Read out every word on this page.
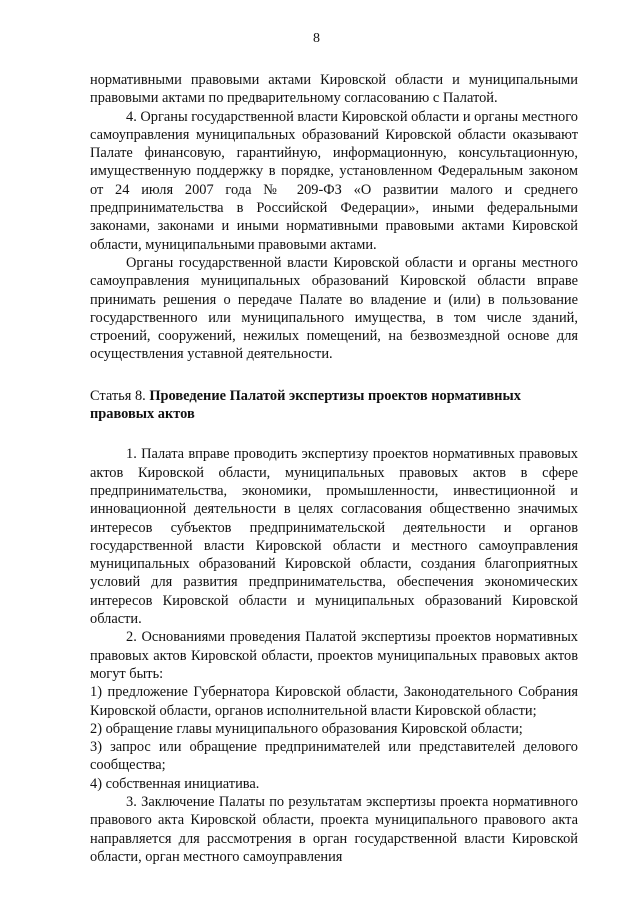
8

нормативными правовыми актами Кировской области и муниципальными правовыми актами по предварительному согласованию с Палатой.

4. Органы государственной власти Кировской области и органы местного самоуправления муниципальных образований Кировской области оказывают Палате финансовую, гарантийную, информационную, консультационную, имущественную поддержку в порядке, установленном Федеральным законом от 24 июля 2007 года № 209-ФЗ «О развитии малого и среднего предпринимательства в Российской Федерации», иными федеральными законами, законами и иными нормативными правовыми актами Кировской области, муниципальными правовыми актами.

Органы государственной власти Кировской области и органы местного самоуправления муниципальных образований Кировской области вправе принимать решения о передаче Палате во владение и (или) в пользование государственного или муниципального имущества, в том числе зданий, строений, сооружений, нежилых помещений, на безвозмездной основе для осуществления уставной деятельности.

Статья 8. Проведение Палатой экспертизы проектов нормативных правовых актов

1. Палата вправе проводить экспертизу проектов нормативных правовых актов Кировской области, муниципальных правовых актов в сфере предпринимательства, экономики, промышленности, инвестиционной и инновационной деятельности в целях согласования общественно значимых интересов субъектов предпринимательской деятельности и органов государственной власти Кировской области и местного самоуправления муниципальных образований Кировской области, создания благоприятных условий для развития предпринимательства, обеспечения экономических интересов Кировской области и муниципальных образований Кировской области.

2. Основаниями проведения Палатой экспертизы проектов нормативных правовых актов Кировской области, проектов муниципальных правовых актов могут быть:

1) предложение Губернатора Кировской области, Законодательного Собрания Кировской области, органов исполнительной власти Кировской области;

2) обращение главы муниципального образования Кировской области;

3) запрос или обращение предпринимателей или представителей делового сообщества;

4) собственная инициатива.

3. Заключение Палаты по результатам экспертизы проекта нормативного правового акта Кировской области, проекта муниципального правового акта направляется для рассмотрения в орган государственной власти Кировской области, орган местного самоуправления
